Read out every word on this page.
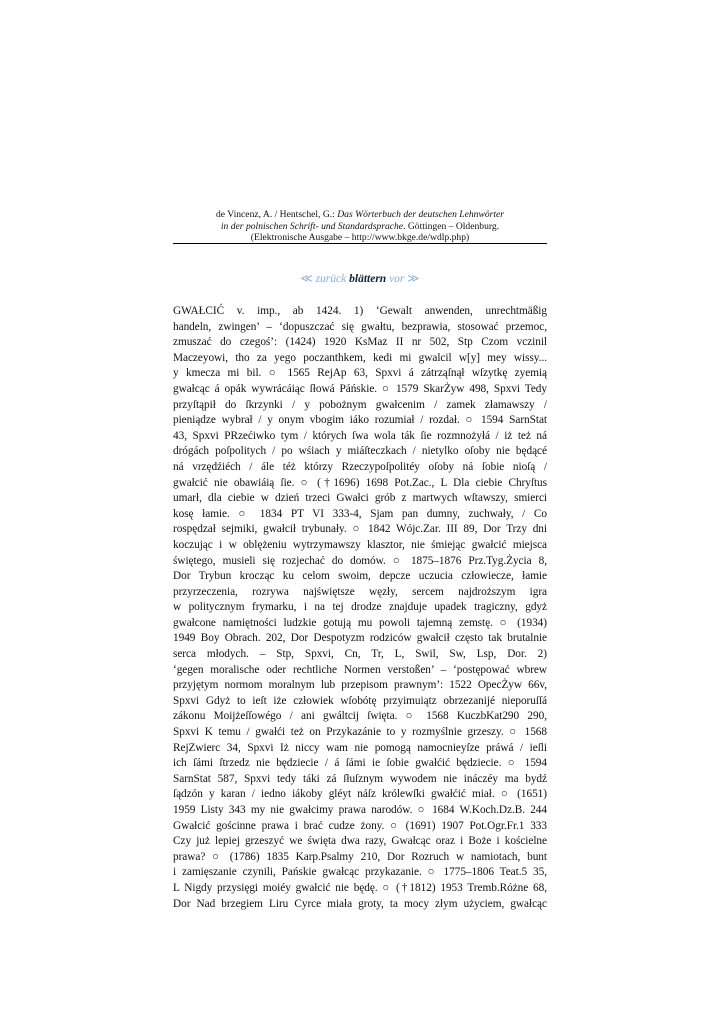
de Vincenz, A. / Hentschel, G.: Das Wörterbuch der deutschen Lehnwörter
in der polnischen Schrift- und Standardsprache. Göttingen – Oldenburg.
(Elektronische Ausgabe – http://www.bkge.de/wdlp.php)
≪ zurück blättern vor ≫
GWAŁCIĆ v. imp., ab 1424. 1) ‘Gewalt anwenden, unrechtmäßig
handeln, zwingen’ – ‘dopuszczać się gwałtu, bezprawia, stosować przemoc,
zmuszać do czegoś’: (1424) 1920 KsMaz II nr 502, Stp Czom vczinil
Maczeyowi, tho za yego poczanthkem, kedi mi gwalcil w[y] mey wissy...
y kmecza mi bil. ○ 1565 RejAp 63, Spxvi á zátrząſnął wſzytkę zyemią
gwałcąc á opák wywrácáiąc ſłowá Páńskie. ○ 1579 SkarŻyw 498, Spxvi Tedy
przyſtąpił do ſkrzynki / y pobożnym gwałcenim / zamek złamawszy /
pieniądze wybrał / y onym vbogim iáko rozumiał / rozdał. ○ 1594 SarnStat
43, Spxvi PRzećiwko tym / których ſwa wola ták ſie rozmnożyłá / iż też ná
drógách poſpolitych / po wśiach y miáſteczkach / nietylko oſoby nie będącé
ná vrzędźiéch / ále téż którzy Rzeczypoſpolitéy oſoby ná ſobie nioſą /
gwałcić nie obawiáią ſie. ○ (†1696) 1698 Pot.Zac., L Dla ciebie Chryſtus
umarł, dla ciebie w dzień trzeci Gwałci grób z martwych wſtawszy, smierci
kosę łamie. ○ 1834 PT VI 333-4, Sjam pan dumny, zuchwały, / Co
rospędzał sejmiki, gwałcił trybunały. ○ 1842 Wójc.Zar. III 89, Dor Trzy dni
koczując i w oblężeniu wytrzymawszy klasztor, nie śmiejąc gwałcić miejsca
świętego, musieli się rozjechać do domów. ○ 1875–1876 Prz.Tyg.Życia 8,
Dor Trybun krocząc ku celom swoim, depcze uczucia człowiecze, łamie
przyrzeczenia, rozrywa najświętsze węzły, sercem najdroższym igra
w politycznym frymarku, i na tej drodze znajduje upadek tragiczny, gdyż
gwałcone namiętności ludzkie gotują mu powoli tajemną zemstę. ○ (1934)
1949 Boy Obrach. 202, Dor Despotyzm rodziców gwałcił często tak brutalnie
serca młodych. – Stp, Spxvi, Cn, Tr, L, Swil, Sw, Lsp, Dor. 2)
‘gegen moralische oder rechtliche Normen verstoßen’ – ‘postępować wbrew
przyjętym normom moralnym lub przepisom prawnym’: 1522 OpecŻyw 66v,
Spxvi Gdyż to ieſt iże człowiek wſobótę przyimuiątz obrzezanijé nieporuſſá
zákonu Moijżeſſowégo / ani gwáltcij ſwięta. ○ 1568 KuczbKat290 290,
Spxvi K temu / gwałći też on Przykazánie to y rozmyślnie grzeszy. ○ 1568
RejZwierc 34, Spxvi Iż niccy wam nie pomogą namocnieyſze práwá / ieſli
ich ſámi ſtrzedz nie będziecie / á ſámi ie ſobie gwałćić będziecie. ○ 1594
SarnStat 587, Spxvi tedy táki zá ſłuſznym wywodem nie ináczéy ma bydź
ſądzón y karan / iedno iákoby gléyt náſz królewſki gwałćić miał. ○ (1651)
1959 Listy 343 my nie gwałcimy prawa narodów. ○ 1684 W.Koch.Dz.B. 244
Gwałcić gościnne prawa i brać cudze żony. ○ (1691) 1907 Pot.Ogr.Fr.1 333
Czy już lepiej grzeszyć we święta dwa razy, Gwałcąc oraz i Boże i kościelne
prawa? ○ (1786) 1835 Karp.Psalmy 210, Dor Rozruch w namiotach, bunt
i zamięszanie czynili, Pańskie gwałcąc przykazanie. ○ 1775–1806 Teat.5 35,
L Nigdy przysięgi moiéy gwałcić nie będę. ○ (†1812) 1953 Tremb.Różne 68,
Dor Nad brzegiem Liru Cyrce miała groty, ta mocy złym użyciem, gwałcąc
